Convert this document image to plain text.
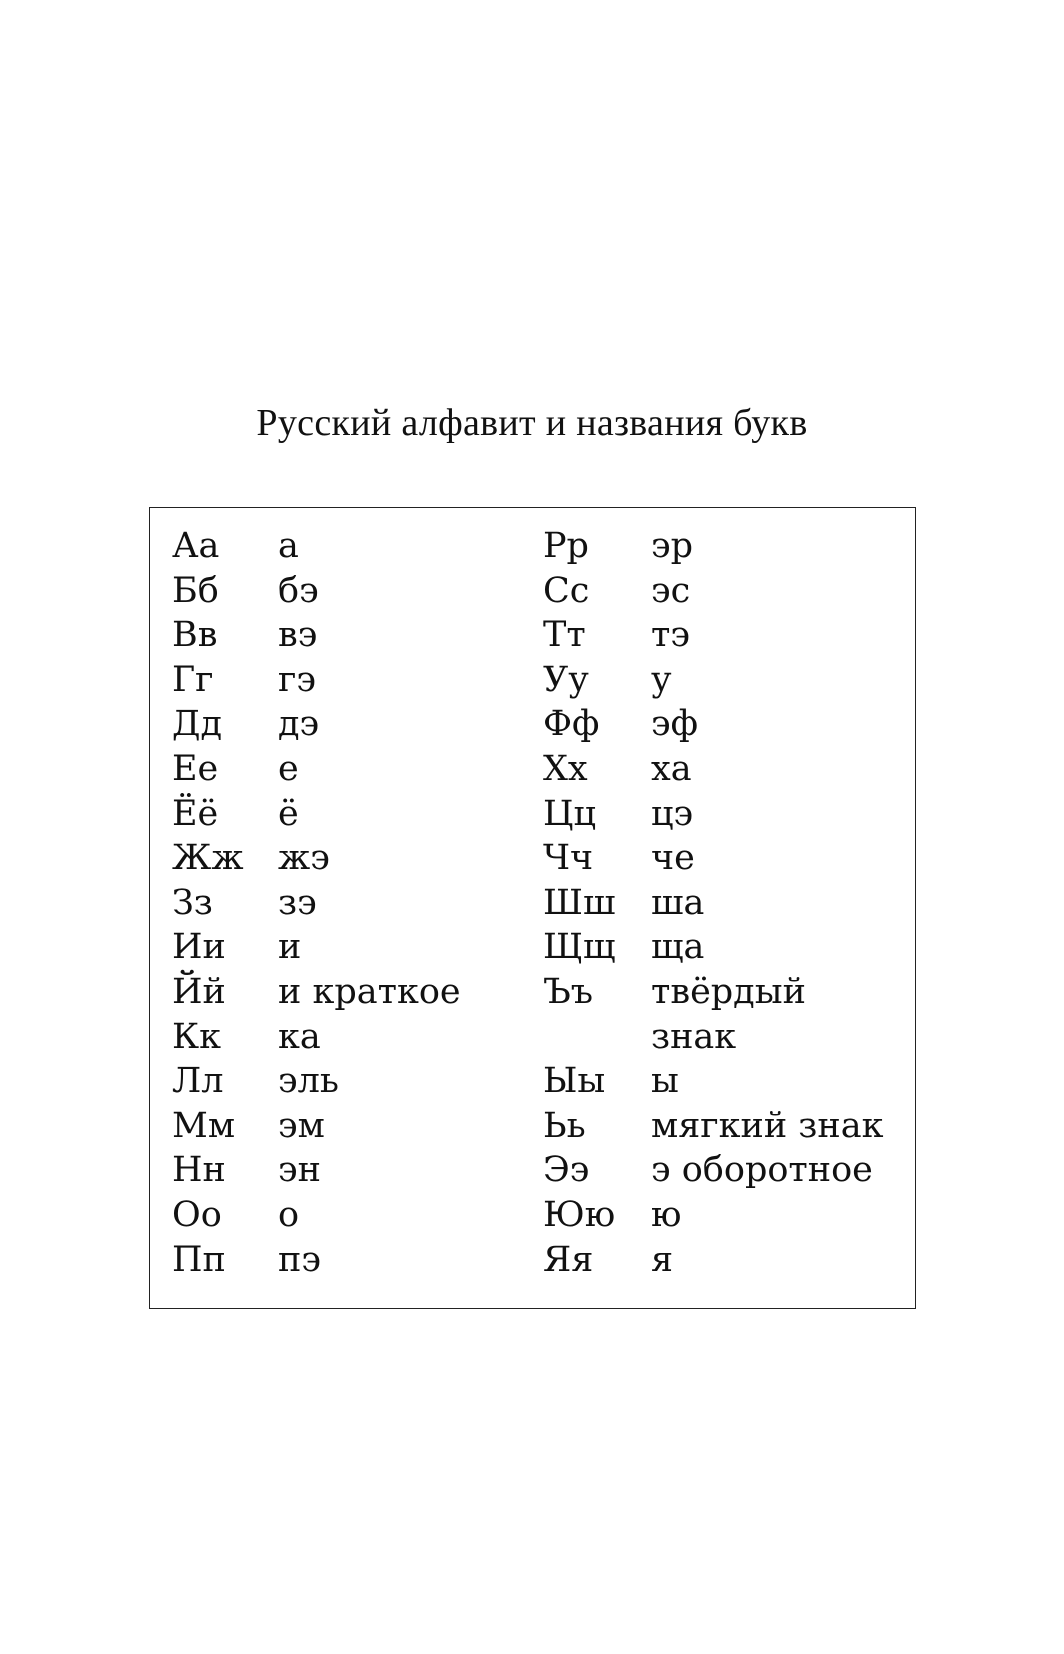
Русский алфавит и названия букв
Аа а
Бб бэ
Вв вэ
Гг гэ
Дд дэ
Ее е
Ёё ё
Жж жэ
Зз зэ
Ии и
Йй и краткое
Кк ка
Лл эль
Мм эм
Нн эн
Оо о
Пп пэ
Рр эр
Сс эс
Тт тэ
Уу у
Фф эф
Хх ха
Цц цэ
Чч че
Шш ша
Щщ ща
Ъъ твёрдый
знак
Ыы ы
Ьь мягкий знак
Ээ э оборотное
Юю ю
Яя я
